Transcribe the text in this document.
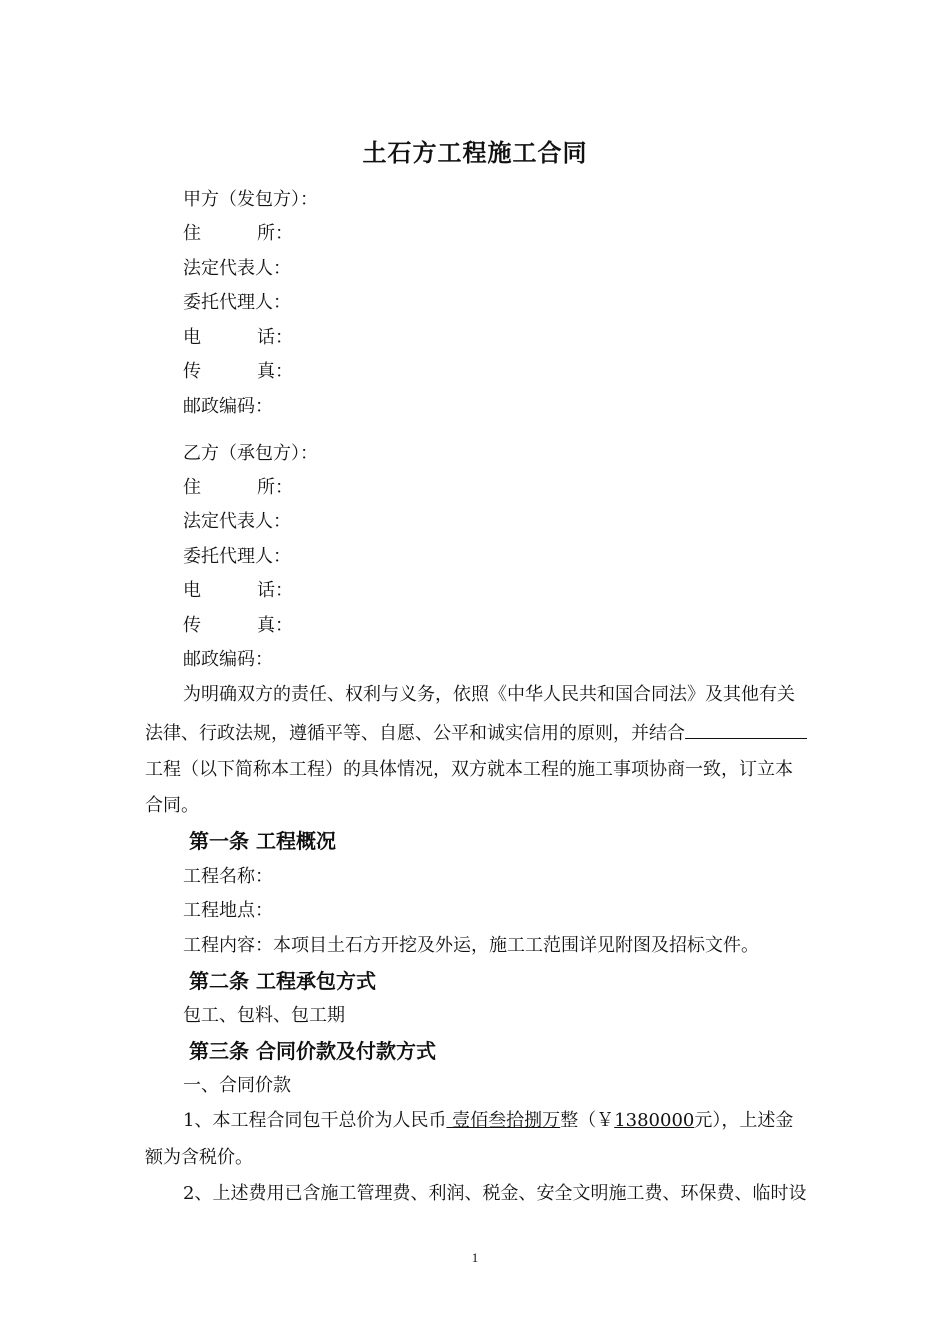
土石方工程施工合同
甲方（发包方）：
住	所：
法定代表人：
委托代理人：
电	话：
传	真：
邮政编码：
乙方（承包方）：
住	所：
法定代表人：
委托代理人：
电	话：
传	真：
邮政编码：
为明确双方的责任、权利与义务，依照《中华人民共和国合同法》及其他有关
法律、行政法规，遵循平等、自愿、公平和诚实信用的原则，并结合
工程（以下简称本工程）的具体情况，双方就本工程的施工事项协商一致，订立本
合同。
第一条 工程概况
工程名称：
工程地点：
工程内容：本项目土石方开挖及外运，施工工范围详见附图及招标文件。
第二条 工程承包方式
包工、包料、包工期
第三条 合同价款及付款方式
一、合同价款
1、本工程合同包干总价为人民币 壹佰叁拾捌万整（￥1380000元），上述金
额为含税价。
2、上述费用已含施工管理费、利润、税金、安全文明施工费、环保费、临时设
1
